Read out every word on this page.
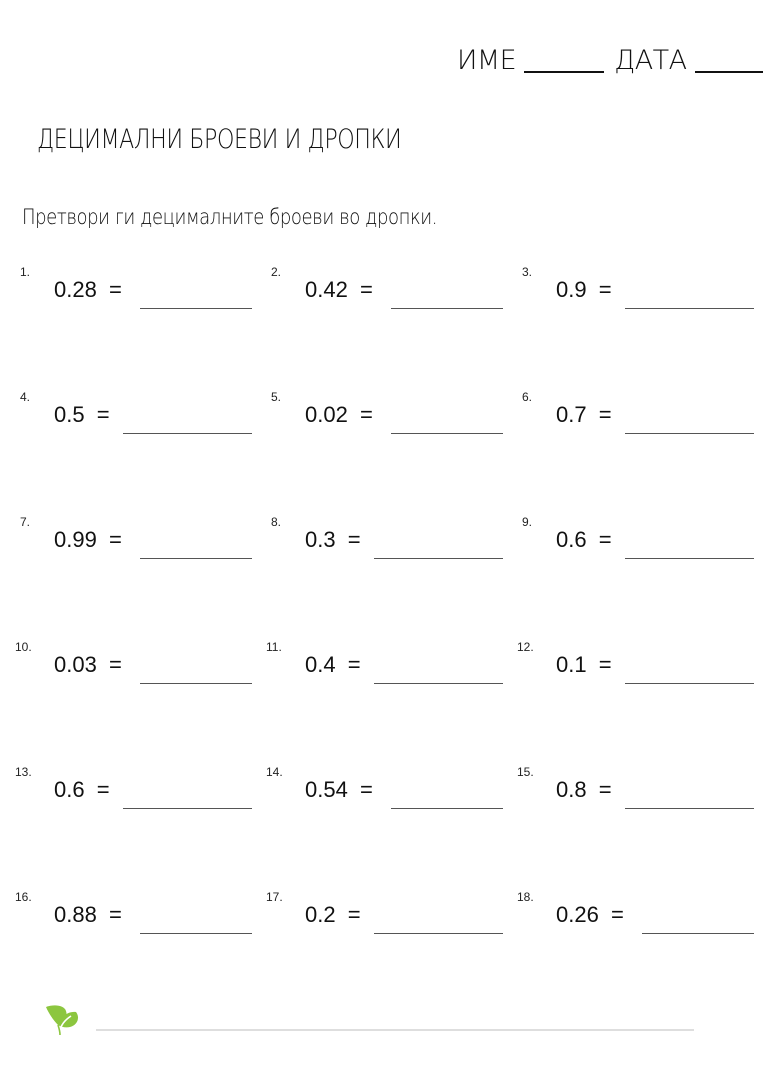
ИМЕ	ДАТА
ДЕЦИМАЛНИ БРОЕВИ И ДРОПКИ
Претвори ги децималните броеви во дропки.
1.
0.28  =
2.
0.42  =
3.
0.9  =
4.
0.5  =
5.
0.02  =
6.
0.7  =
7.
0.99  =
8.
0.3  =
9.
0.6  =
10.
0.03  =
11.
0.4  =
12.
0.1  =
13.
0.6  =
14.
0.54  =
15.
0.8  =
16.
0.88  =
17.
0.2  =
18.
0.26  =
